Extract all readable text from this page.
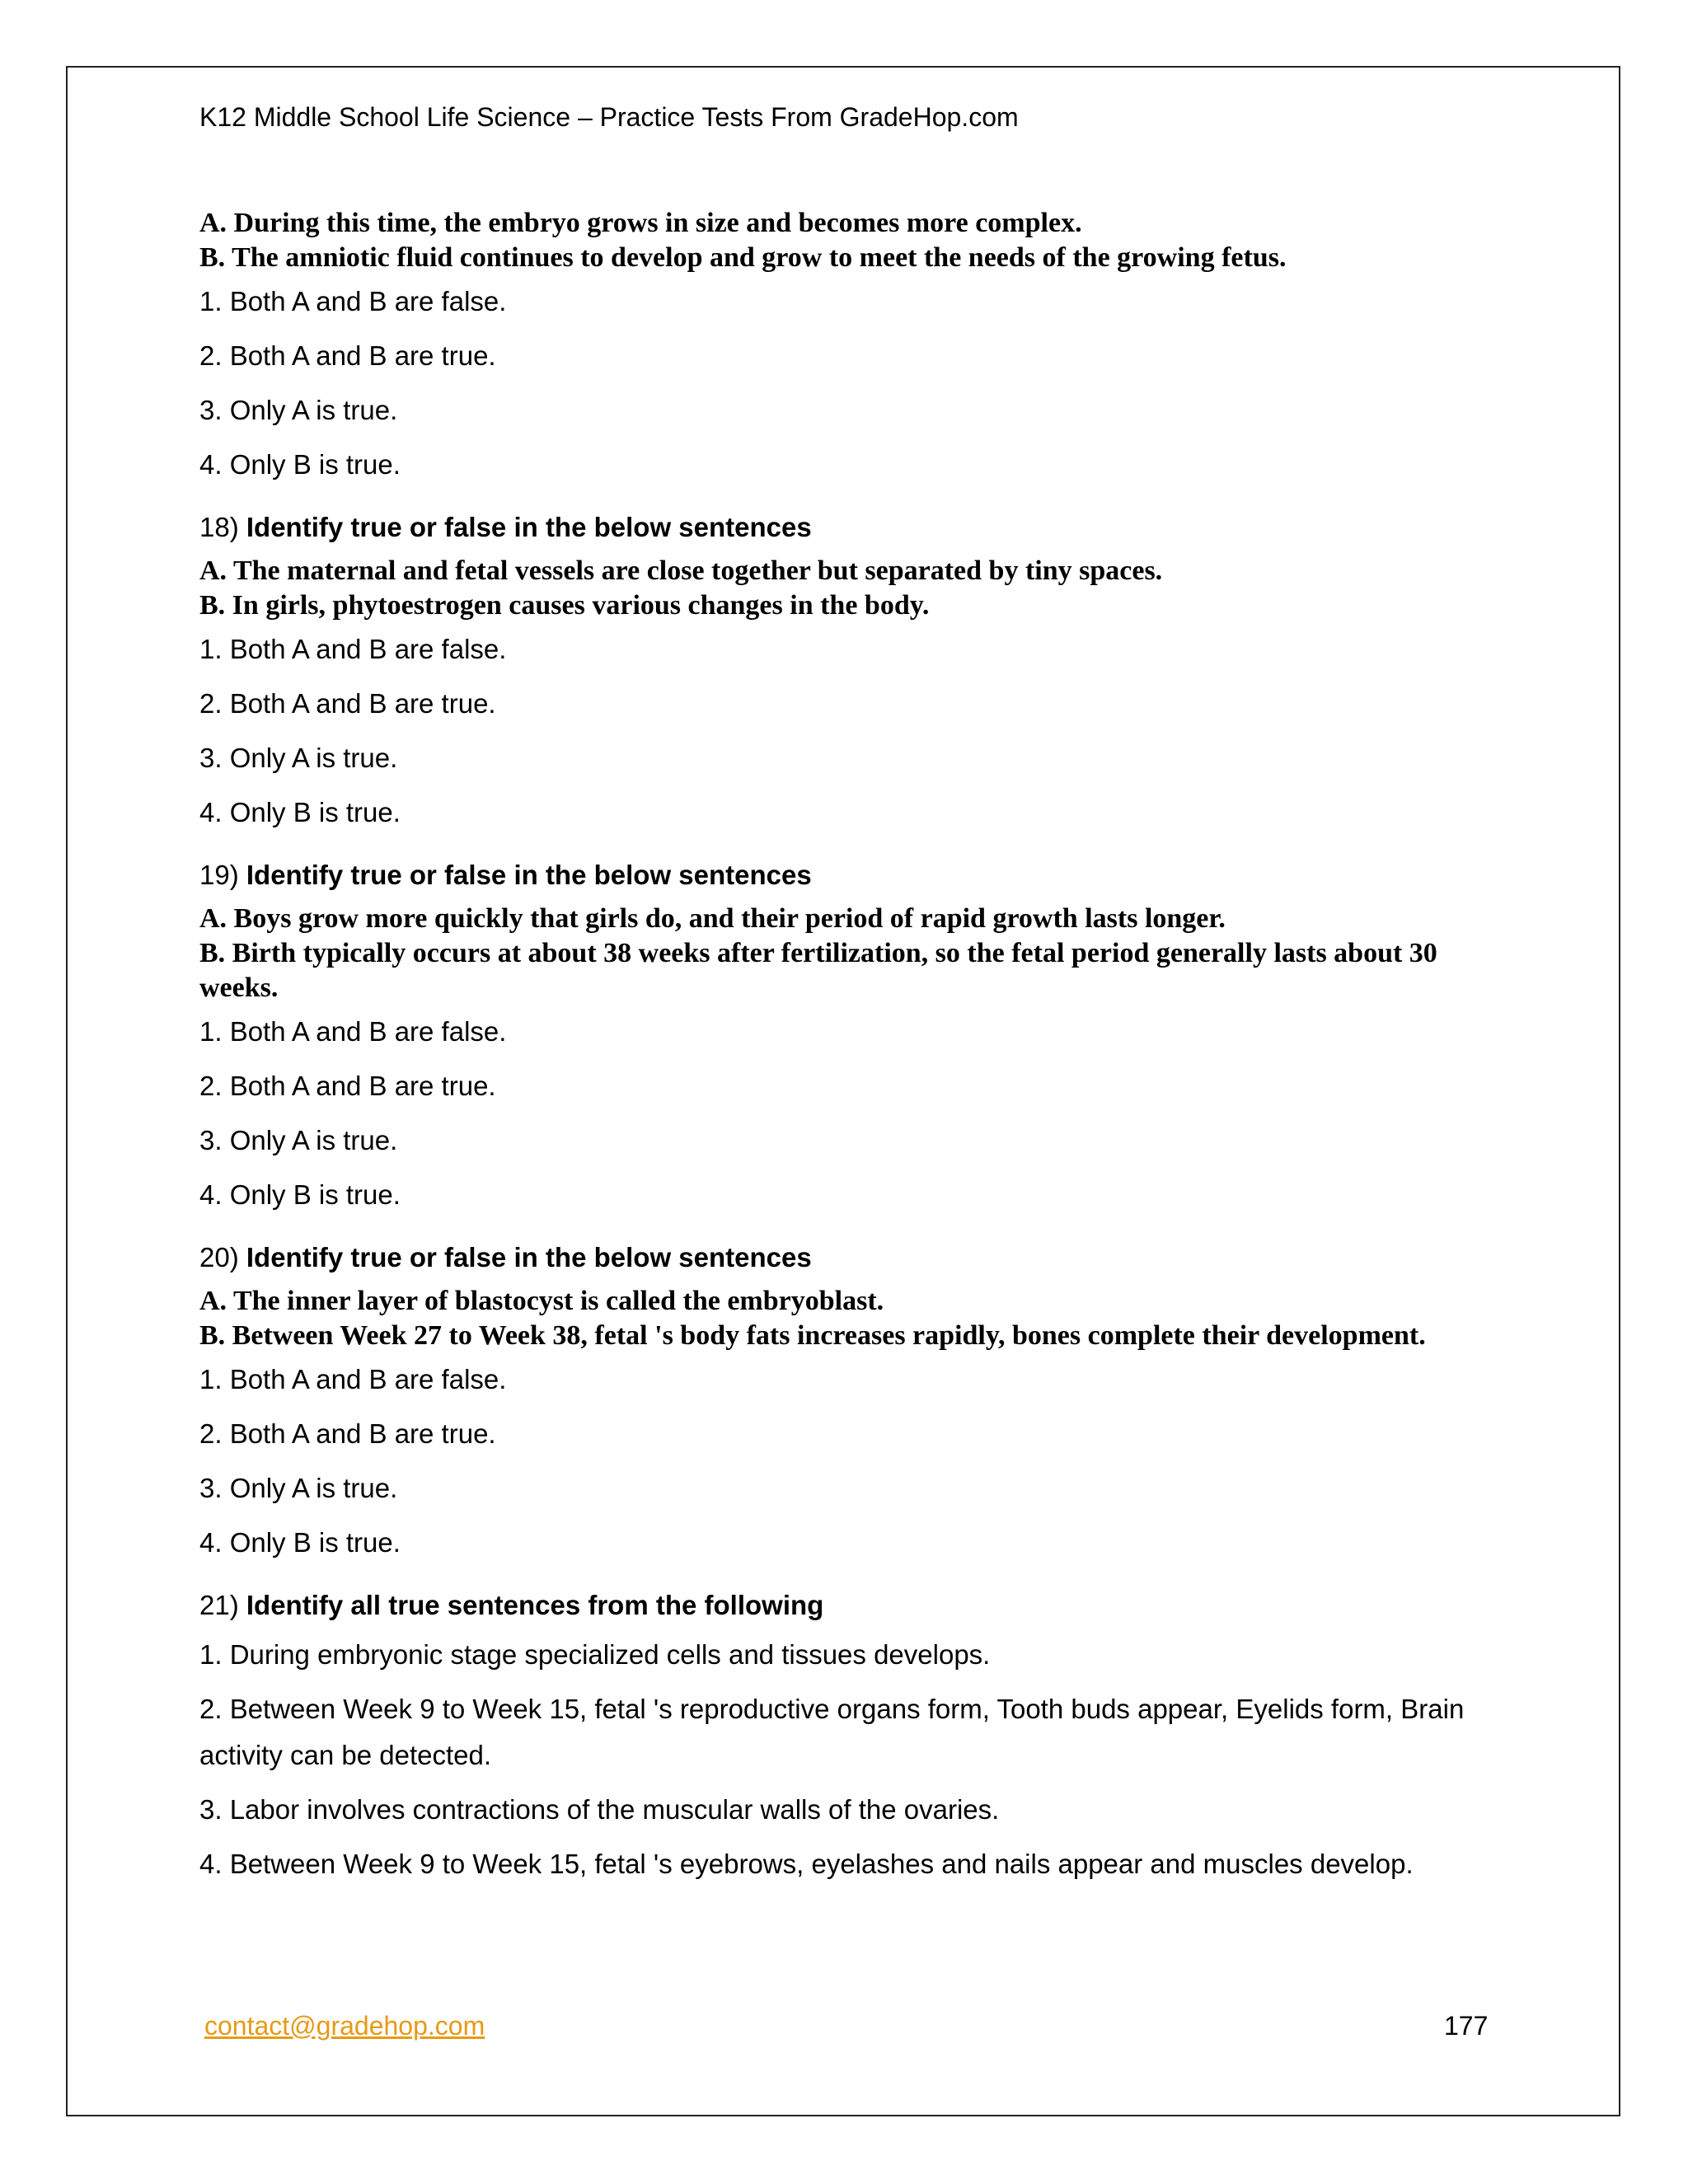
K12 Middle School Life Science – Practice Tests From GradeHop.com

A. During this time, the embryo grows in size and becomes more complex.

B. The amniotic fluid continues to develop and grow to meet the needs of the growing fetus.

1. Both A and B are false.

2. Both A and B are true.

3. Only A is true.

4. Only B is true.

18) Identify true or false in the below sentences

A. The maternal and fetal vessels are close together but separated by tiny spaces.

B. In girls, phytoestrogen causes various changes in the body.

1. Both A and B are false.

2. Both A and B are true.

3. Only A is true.

4. Only B is true.

19) Identify true or false in the below sentences

A. Boys grow more quickly that girls do, and their period of rapid growth lasts longer.

B. Birth typically occurs at about 38 weeks after fertilization, so the fetal period generally lasts about 30 weeks.

1. Both A and B are false.

2. Both A and B are true.

3. Only A is true.

4. Only B is true.

20) Identify true or false in the below sentences

A. The inner layer of blastocyst is called the embryoblast.

B. Between Week 27 to Week 38, fetal 's body fats increases rapidly, bones complete their development.

1. Both A and B are false.

2. Both A and B are true.

3. Only A is true.

4. Only B is true.

21) Identify all true sentences from the following

1. During embryonic stage specialized cells and tissues develops.

2. Between Week 9 to Week 15, fetal 's reproductive organs form, Tooth buds appear, Eyelids form, Brain activity can be detected.

3. Labor involves contractions of the muscular walls of the ovaries.

4. Between Week 9 to Week 15, fetal 's eyebrows, eyelashes and nails appear and muscles develop.

contact@gradehop.com	177
